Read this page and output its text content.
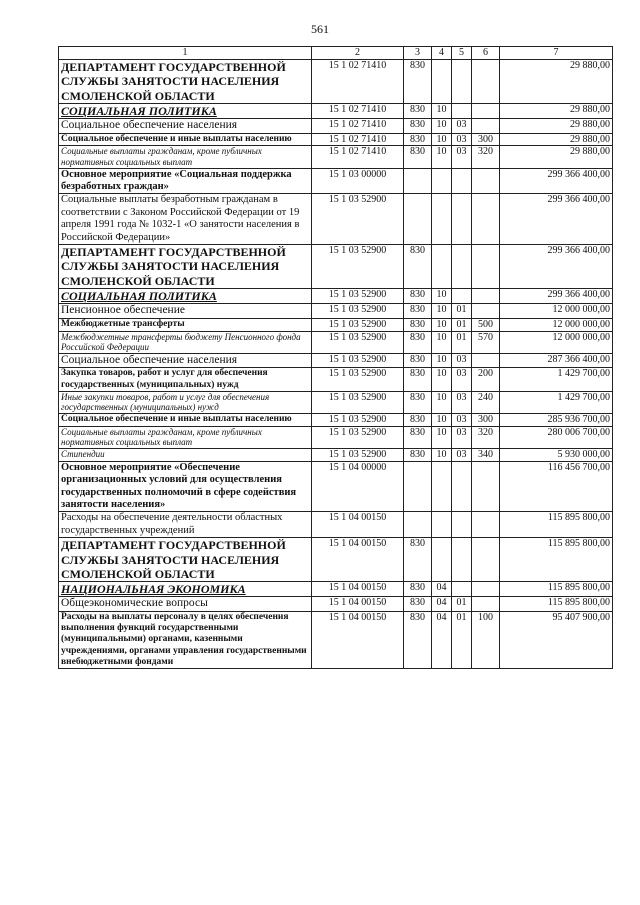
561
1	2	3	4	5	6	7
ДЕПАРТАМЕНТ ГОСУДАРСТВЕННОЙ СЛУЖБЫ ЗАНЯТОСТИ НАСЕЛЕНИЯ СМОЛЕНСКОЙ ОБЛАСТИ	15 1 02 71410	830				29 880,00
СОЦИАЛЬНАЯ ПОЛИТИКА	15 1 02 71410	830	10			29 880,00
Социальное обеспечение населения	15 1 02 71410	830	10	03		29 880,00
Социальное обеспечение и иные выплаты населению	15 1 02 71410	830	10	03	300	29 880,00
Социальные выплаты гражданам, кроме публичных нормативных социальных выплат	15 1 02 71410	830	10	03	320	29 880,00
Основное мероприятие «Социальная поддержка безработных граждан»	15 1 03 00000					299 366 400,00
Социальные выплаты безработным гражданам в соответствии с Законом Российской Федерации от 19 апреля 1991 года № 1032-1 «О занятости населения в Российской Федерации»	15 1 03 52900					299 366 400,00
ДЕПАРТАМЕНТ ГОСУДАРСТВЕННОЙ СЛУЖБЫ ЗАНЯТОСТИ НАСЕЛЕНИЯ СМОЛЕНСКОЙ ОБЛАСТИ	15 1 03 52900	830				299 366 400,00
СОЦИАЛЬНАЯ ПОЛИТИКА	15 1 03 52900	830	10			299 366 400,00
Пенсионное обеспечение	15 1 03 52900	830	10	01		12 000 000,00
Межбюджетные трансферты	15 1 03 52900	830	10	01	500	12 000 000,00
Межбюджетные трансферты бюджету Пенсионного фонда Российской Федерации	15 1 03 52900	830	10	01	570	12 000 000,00
Социальное обеспечение населения	15 1 03 52900	830	10	03		287 366 400,00
Закупка товаров, работ и услуг для обеспечения государственных (муниципальных) нужд	15 1 03 52900	830	10	03	200	1 429 700,00
Иные закупки товаров, работ и услуг для обеспечения государственных (муниципальных) нужд	15 1 03 52900	830	10	03	240	1 429 700,00
Социальное обеспечение и иные выплаты населению	15 1 03 52900	830	10	03	300	285 936 700,00
Социальные выплаты гражданам, кроме публичных нормативных социальных выплат	15 1 03 52900	830	10	03	320	280 006 700,00
Стипендии	15 1 03 52900	830	10	03	340	5 930 000,00
Основное мероприятие «Обеспечение организационных условий для осуществления государственных полномочий в сфере содействия занятости населения»	15 1 04 00000					116 456 700,00
Расходы на обеспечение деятельности областных государственных учреждений	15 1 04 00150					115 895 800,00
ДЕПАРТАМЕНТ ГОСУДАРСТВЕННОЙ СЛУЖБЫ ЗАНЯТОСТИ НАСЕЛЕНИЯ СМОЛЕНСКОЙ ОБЛАСТИ	15 1 04 00150	830				115 895 800,00
НАЦИОНАЛЬНАЯ ЭКОНОМИКА	15 1 04 00150	830	04			115 895 800,00
Общеэкономические вопросы	15 1 04 00150	830	04	01		115 895 800,00
Расходы на выплаты персоналу в целях обеспечения выполнения функций государственными (муниципальными) органами, казенными учреждениями, органами управления государственными внебюджетными фондами	15 1 04 00150	830	04	01	100	95 407 900,00
